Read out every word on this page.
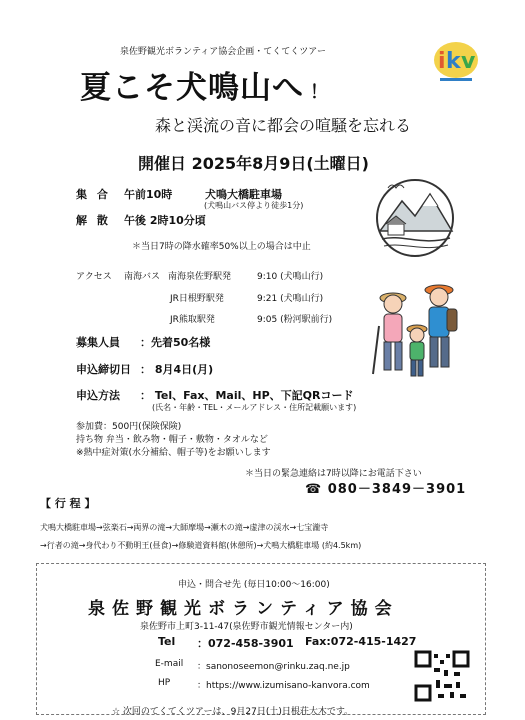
泉佐野観光ボランティア協会企画・てくてくツアー	i k v
夏こそ犬鳴山へ ！
森と渓流の音に都会の喧騒を忘れる
開催日 2025年8月9日(土曜日)
集 合 午前10時	犬鳴大橋駐車場
(犬鳴山バス停より徒歩1分)
解 散 午後 2時10分頃
＊当日7時の降水確率50%以上の場合は中止
アクセス 南海バス 南海泉佐野駅発	9:10 (犬鳴山行)
JR日根野駅発	9:21 (犬鳴山行)
JR熊取駅発	9:05 (粉河駅前行)
募集人員 ：先着50名様
申込締切日 ： 8月4日(月)
申込方法 ： Tel、Fax、Mail、HP、下記QRコード
(氏名・年齢・TEL・メールアドレス・住所記載願います)
参加費：500円(保険保険)
持ち物 弁当・飲み物・帽子・敷物・タオルなど
※熱中症対策(水分補給、帽子等)をお願いします
＊当日の緊急連絡は7時以降にお電話下さい
☎ 080－3849－3901
【 行 程 】
犬鳴大橋駐車場→弦楽石→両界の滝→大師摩場→瀬木の滝→虚津の渓水→七宝瀧寺
→行者の滝→身代わり不動明王(昼食)→修験道資料館(休憩所)→犬鳴大橋駐車場 (約4.5km)
申込・問合せ先 (毎日10:00～16:00)
泉佐野観光ボランティア協会
泉佐野市上町3-11-47(泉佐野市観光情報センター内)
Tel ：072-458-3901 Fax:072-415-1427
E-mail ：sanonoseemon@rinku.zaq.ne.jp
HP	：https://www.izumisano-kanvora.com
☆ 次回のてくてくツアーは、9月27日(土)日根荘大木です。
